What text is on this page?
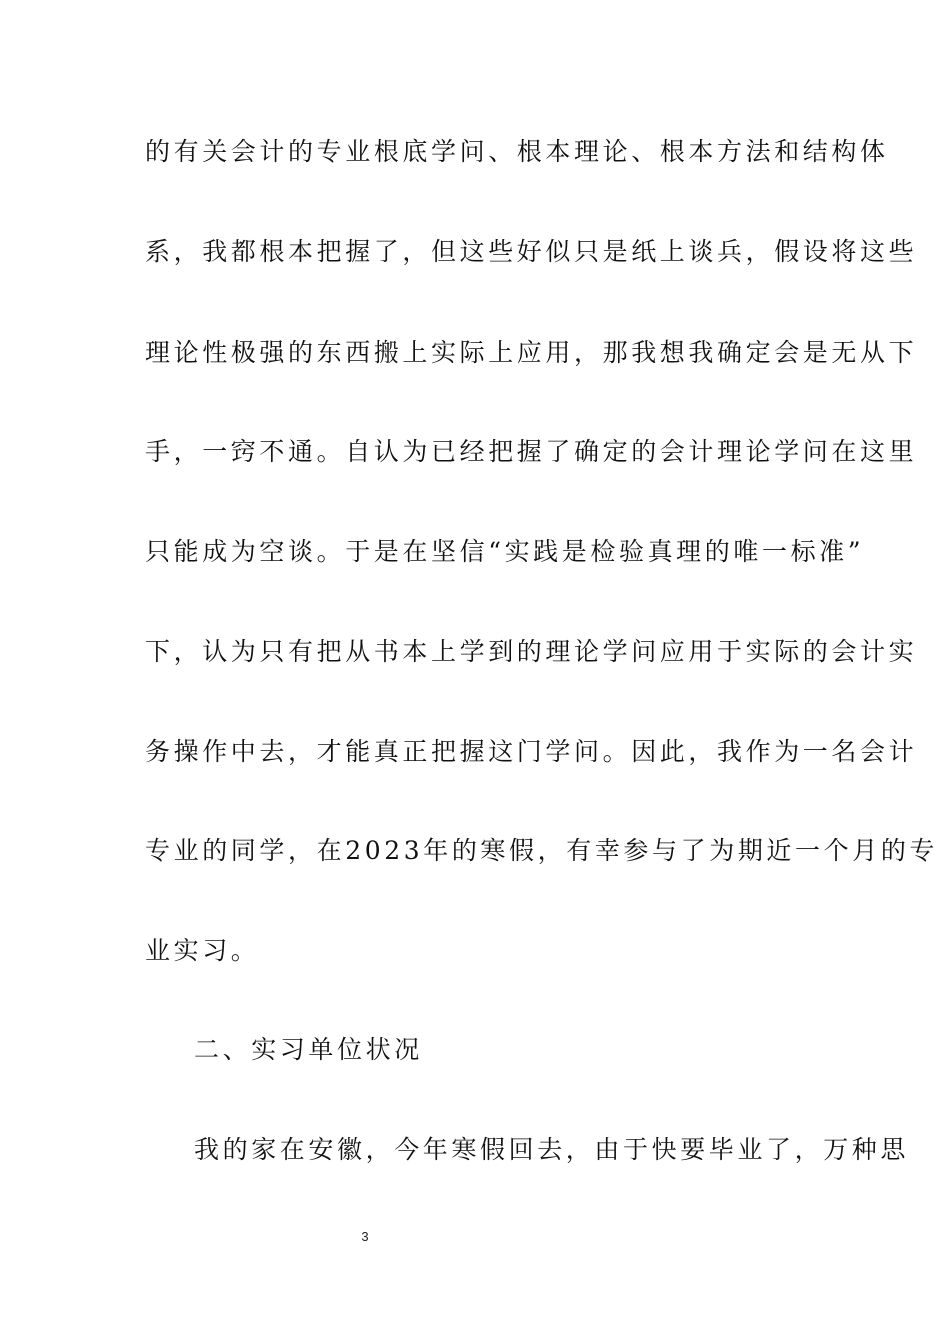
的有关会计的专业根底学问、根本理论、根本方法和结构体
系，我都根本把握了，但这些好似只是纸上谈兵，假设将这些
理论性极强的东西搬上实际上应用，那我想我确定会是无从下
手，一窍不通。自认为已经把握了确定的会计理论学问在这里
只能成为空谈。于是在坚信“实践是检验真理的唯一标准”
下，认为只有把从书本上学到的理论学问应用于实际的会计实
务操作中去，才能真正把握这门学问。因此，我作为一名会计
专业的同学，在2023年的寒假，有幸参与了为期近一个月的专
业实习。
二、实习单位状况
我的家在安徽，今年寒假回去，由于快要毕业了，万种思
3
